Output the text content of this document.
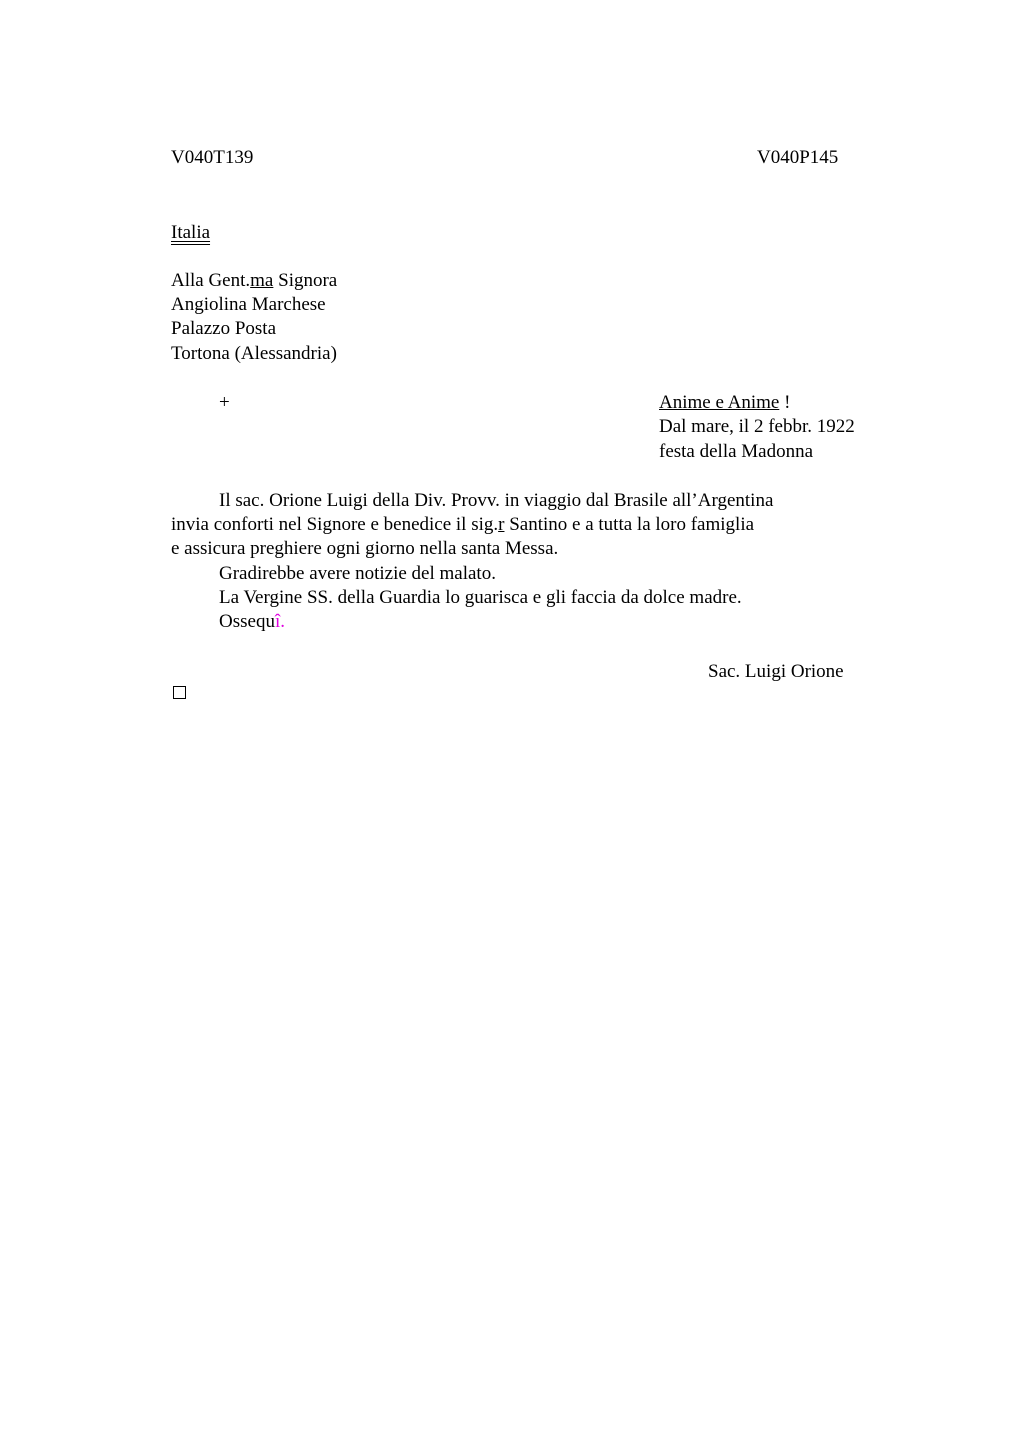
V040T139	V040P145
Italia
Alla Gent.ma Signora
Angiolina Marchese
Palazzo Posta
Tortona (Alessandria)
+	Anime e Anime !
Dal mare, il 2 febbr. 1922
festa della Madonna
Il sac. Orione Luigi della Div. Provv. in viaggio dal Brasile all’Argentina
invia conforti nel Signore e benedice il sig.r Santino e a tutta la loro famiglia
e assicura preghiere ogni giorno nella santa Messa.
Gradirebbe avere notizie del malato.
La Vergine SS. della Guardia lo guarisca e gli faccia da dolce madre.
Ossequî.
Sac. Luigi Orione
